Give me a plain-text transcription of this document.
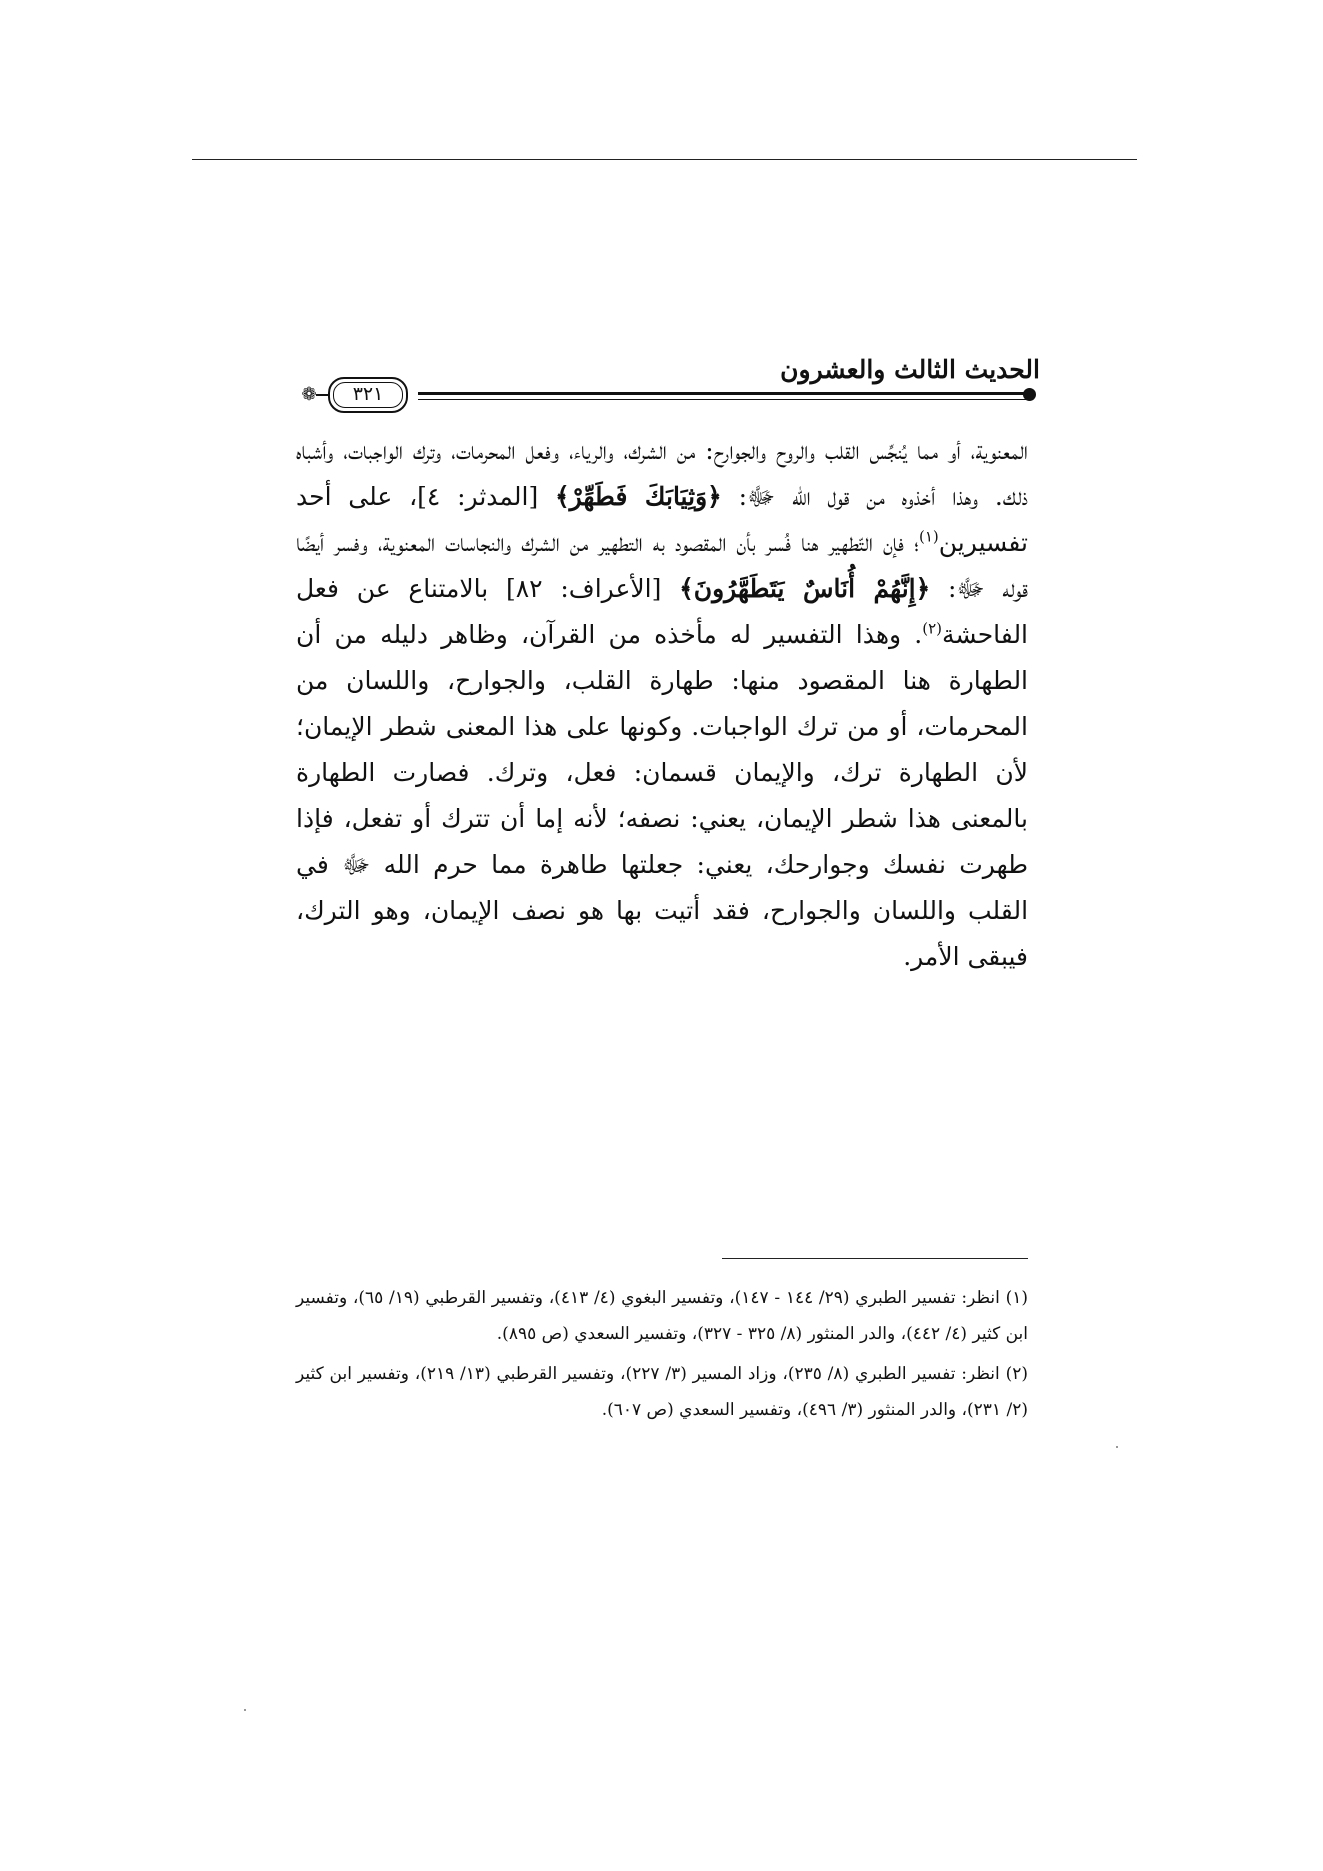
الحديث الثالث والعشرون
❁	٣٢١
المعنوية، أو مما يُنجِّس القلب والروح والجوارح: من الشرك، والرياء، وفعل المحرمات، وترك الواجبات، وأشباه ذلك. وهذا أخذوه من قول الله ﷻ: ﴿وَثِيَابَكَ فَطَهِّرْ﴾ [المدثر: ٤]، على أحد تفسيرين$^{(١)}$؛ فإن التّطهير هنا فُسر بأن المقصود به التطهير من الشرك والنجاسات المعنوية، وفسر أيضًا قوله ﷻ: ﴿إِنَّهُمْ أُنَاسٌ يَتَطَهَّرُونَ﴾ [الأعراف: ٨٢] بالامتناع عن فعل الفاحشة$^{(٢)}$. وهذا التفسير له مأخذه من القرآن، وظاهر دليله من أن الطهارة هنا المقصود منها: طهارة القلب، والجوارح، واللسان من المحرمات، أو من ترك الواجبات. وكونها على هذا المعنى شطر الإيمان؛ لأن الطهارة ترك، والإيمان قسمان: فعل، وترك. فصارت الطهارة بالمعنى هذا شطر الإيمان، يعني: نصفه؛ لأنه إما أن تترك أو تفعل، فإذا طهرت نفسك وجوارحك، يعني: جعلتها طاهرة مما حرم الله ﷻ في القلب واللسان والجوارح، فقد أتيت بها هو نصف الإيمان، وهو الترك، فيبقى الأمر.

(١) انظر: تفسير الطبري (٢٩/ ١٤٤ - ١٤٧)، وتفسير البغوي (٤/ ٤١٣)، وتفسير القرطبي (١٩/ ٦٥)، وتفسير ابن كثير (٤/ ٤٤٢)، والدر المنثور (٨/ ٣٢٥ - ٣٢٧)، وتفسير السعدي (ص ٨٩٥).

(٢) انظر: تفسير الطبري (٨/ ٢٣٥)، وزاد المسير (٣/ ٢٢٧)، وتفسير القرطبي (١٣/ ٢١٩)، وتفسير ابن كثير (٢/ ٢٣١)، والدر المنثور (٣/ ٤٩٦)، وتفسير السعدي (ص ٦٠٧).
